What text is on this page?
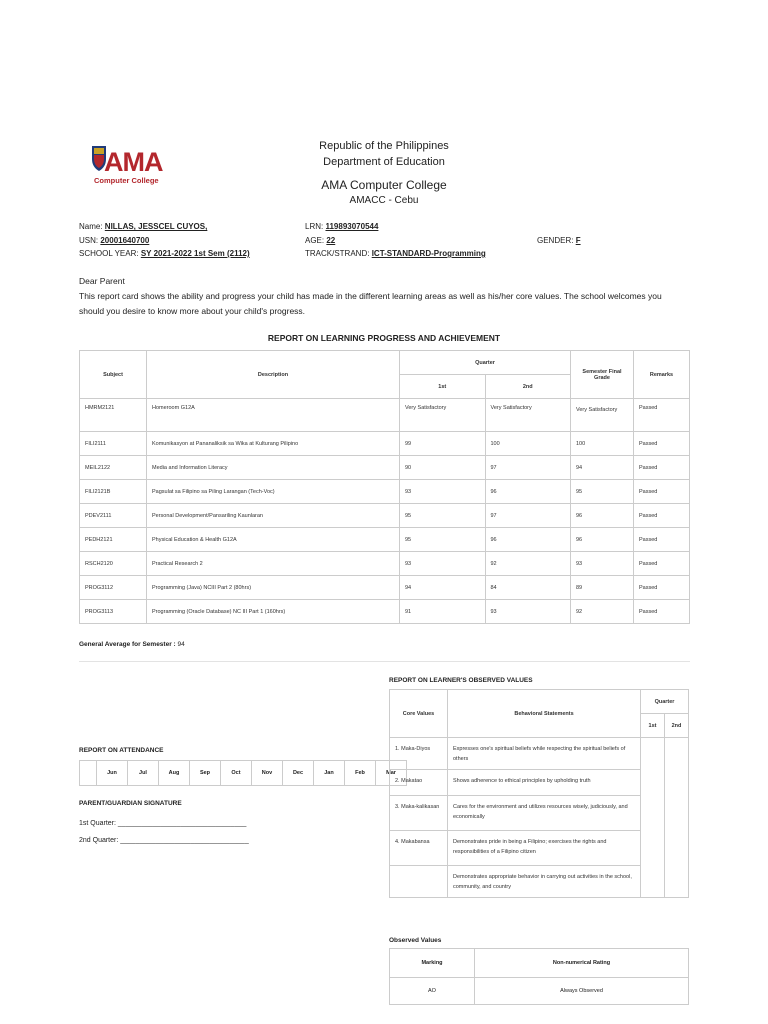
AMA
Computer College
Republic of the Philippines
Department of Education
AMA Computer College
AMACC - Cebu
Name: NILLAS, JESSCEL CUYOS,
USN: 20001640700
SCHOOL YEAR: SY 2021-2022 1st Sem (2112)
LRN: 119893070544
AGE: 22
TRACK/STRAND: ICT-STANDARD-Programming
GENDER: F
Dear Parent
This report card shows the ability and progress your child has made in the different learning areas as well as his/her core values. The school welcomes you should you desire to know more about your child's progress.
REPORT ON LEARNING PROGRESS AND ACHIEVEMENT
Subject	Description	Quarter		Semester Final Grade	Remarks
		1st	2nd		
HMRM2121	Homeroom G12A	Very Satisfactory	Very Satisfactory	Very Satisfactory	Passed
FILI2111	Komunikasyon at Pananaliksik sa Wika at Kulturang Pilipino	99	100	100	Passed
MEIL2122	Media and Information Literacy	90	97	94	Passed
FILI2121B	Pagsulat sa Filipino sa Piling Larangan (Tech-Voc)	93	96	95	Passed
PDEV2111	Personal Development/Pansariling Kaunlaran	95	97	96	Passed
PEDH2121	Physical Education & Health G12A	95	96	96	Passed
RSCH2120	Practical Research 2	93	92	93	Passed
PROG3112	Programming (Java) NCIII Part 2 (80hrs)	94	84	89	Passed
PROG3113	Programming (Oracle Database) NC III Part 1 (160hrs)	91	93	92	Passed
General Average for Semester : 94
REPORT ON ATTENDANCE
	Jun	Jul	Aug	Sep	Oct	Nov	Dec	Jan	Feb	Mar
PARENT/GUARDIAN SIGNATURE
1st Quarter: _________________________________
2nd Quarter: _________________________________
REPORT ON LEARNER'S OBSERVED VALUES
Core Values	Behavioral Statements	Quarter	
		1st	2nd
1. Maka-Diyos	Expresses one's spiritual beliefs while respecting the spiritual beliefs of others		
2. Makatao	Shows adherence to ethical principles by upholding truth		
3. Maka-kalikasan	Cares for the environment and utilizes resources wisely, judiciously, and economically		
4. Makabansa	Demonstrates pride in being a Filipino; exercises the rights and responsibilities of a Filipino citizen		
	Demonstrates appropriate behavior in carrying out activities in the school, community, and country		
Observed Values
Marking	Non-numerical Rating
AO	Always Observed
